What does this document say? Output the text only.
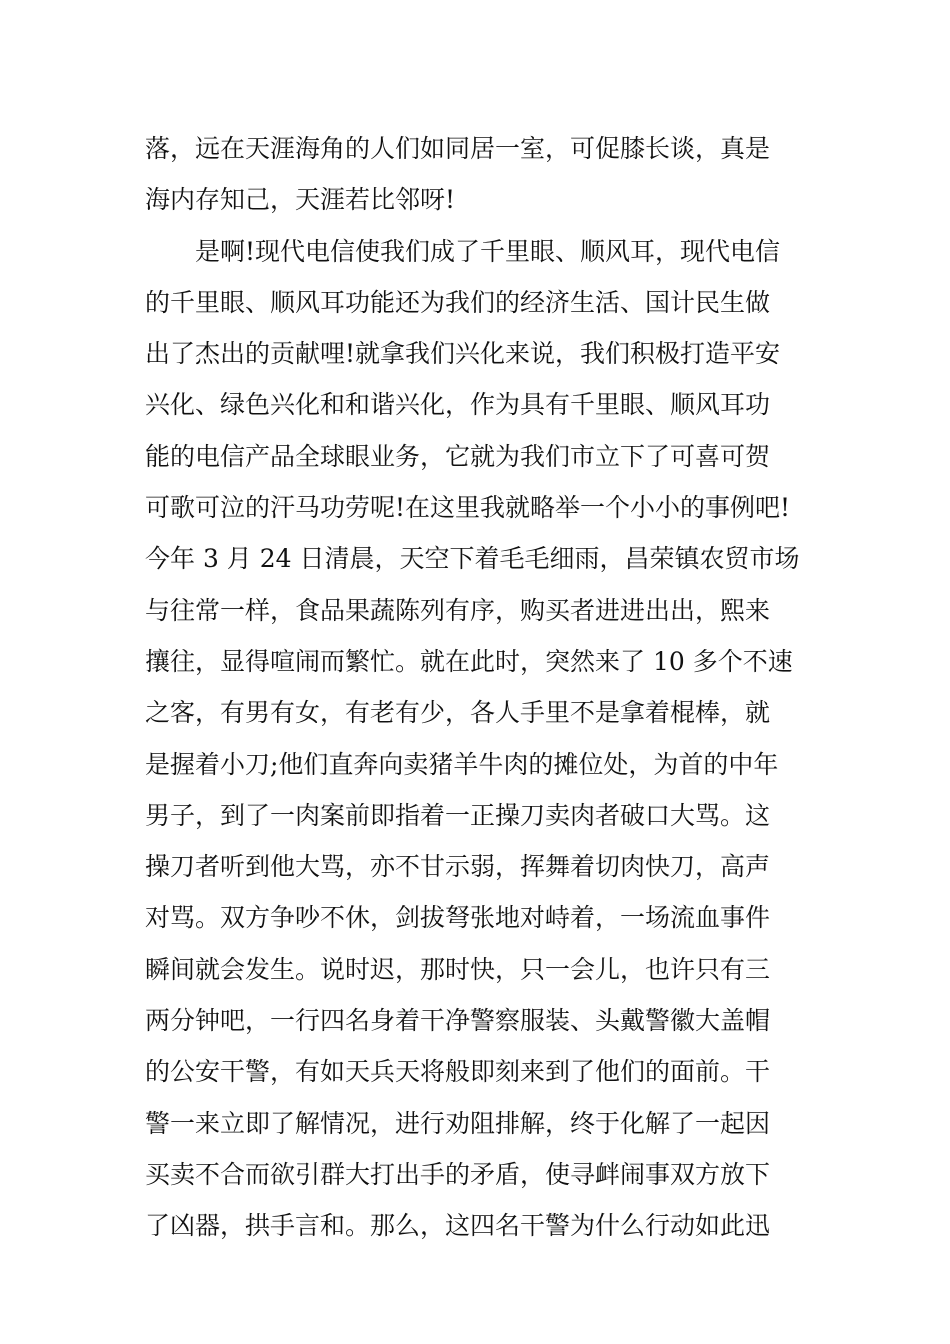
落，远在天涯海角的人们如同居一室，可促膝长谈，真是
海内存知己，天涯若比邻呀!
是啊!现代电信使我们成了千里眼、顺风耳，现代电信
的千里眼、顺风耳功能还为我们的经济生活、国计民生做
出了杰出的贡献哩!就拿我们兴化来说，我们积极打造平安
兴化、绿色兴化和和谐兴化，作为具有千里眼、顺风耳功
能的电信产品全球眼业务，它就为我们市立下了可喜可贺
可歌可泣的汗马功劳呢!在这里我就略举一个小小的事例吧!
今年 3 月 24 日清晨，天空下着毛毛细雨，昌荣镇农贸市场
与往常一样，食品果蔬陈列有序，购买者进进出出，熙来
攘往，显得喧闹而繁忙。就在此时，突然来了 10 多个不速
之客，有男有女，有老有少，各人手里不是拿着棍棒，就
是握着小刀;他们直奔向卖猪羊牛肉的摊位处，为首的中年
男子，到了一肉案前即指着一正操刀卖肉者破口大骂。这
操刀者听到他大骂，亦不甘示弱，挥舞着切肉快刀，高声
对骂。双方争吵不休，剑拔弩张地对峙着，一场流血事件
瞬间就会发生。说时迟，那时快，只一会儿，也许只有三
两分钟吧，一行四名身着干净警察服装、头戴警徽大盖帽
的公安干警，有如天兵天将般即刻来到了他们的面前。干
警一来立即了解情况，进行劝阻排解，终于化解了一起因
买卖不合而欲引群大打出手的矛盾，使寻衅闹事双方放下
了凶器，拱手言和。那么，这四名干警为什么行动如此迅
